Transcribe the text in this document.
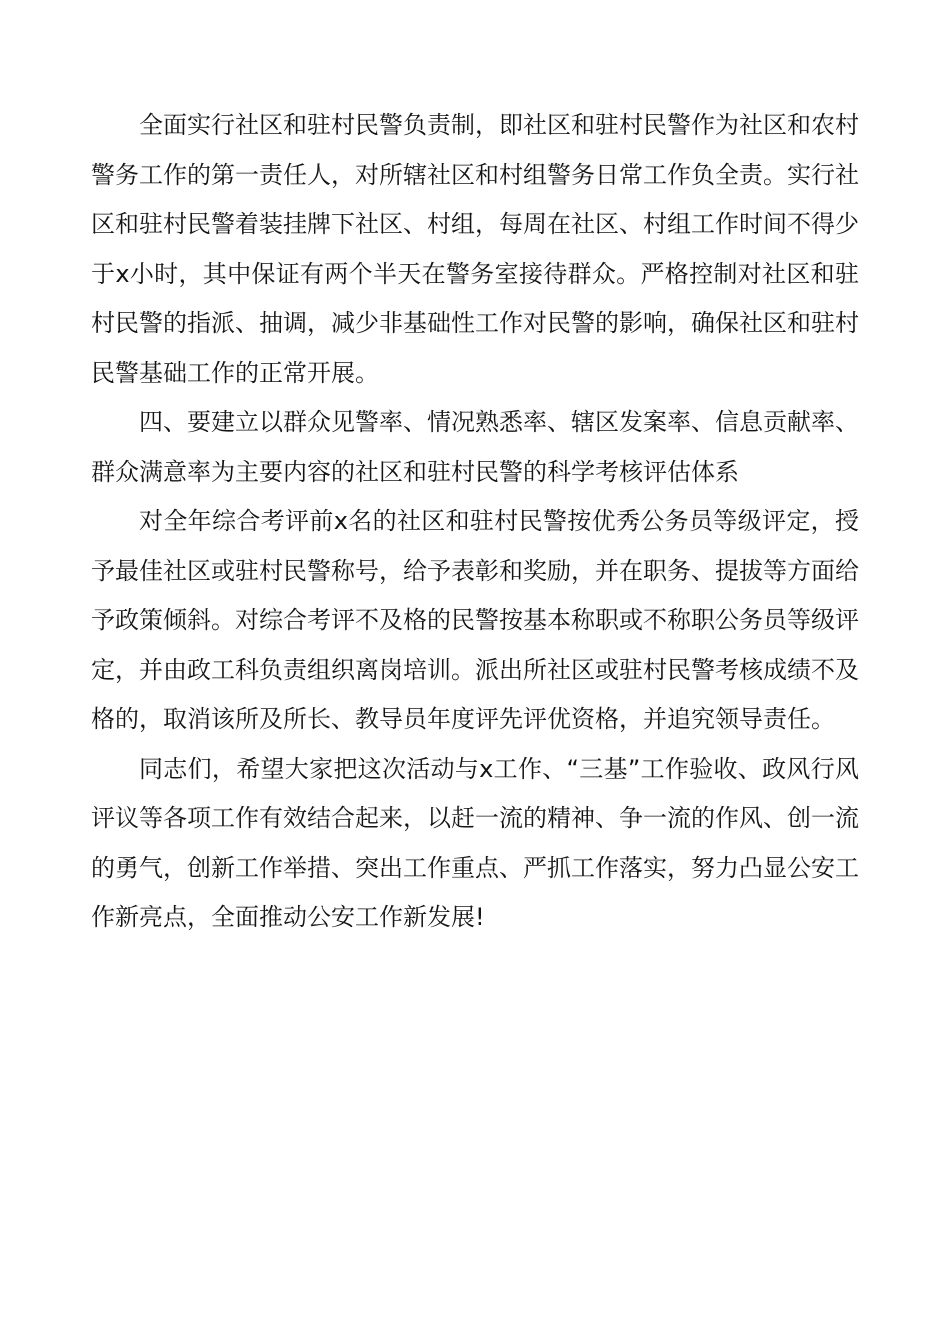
全面实行社区和驻村民警负责制，即社区和驻村民警作为社区和农村警务工作的第一责任人，对所辖社区和村组警务日常工作负全责。实行社区和驻村民警着装挂牌下社区、村组，每周在社区、村组工作时间不得少于x小时，其中保证有两个半天在警务室接待群众。严格控制对社区和驻村民警的指派、抽调，减少非基础性工作对民警的影响，确保社区和驻村民警基础工作的正常开展。

四、要建立以群众见警率、情况熟悉率、辖区发案率、信息贡献率、群众满意率为主要内容的社区和驻村民警的科学考核评估体系

对全年综合考评前x名的社区和驻村民警按优秀公务员等级评定，授予最佳社区或驻村民警称号，给予表彰和奖励，并在职务、提拔等方面给予政策倾斜。对综合考评不及格的民警按基本称职或不称职公务员等级评定，并由政工科负责组织离岗培训。派出所社区或驻村民警考核成绩不及格的，取消该所及所长、教导员年度评先评优资格，并追究领导责任。

同志们，希望大家把这次活动与x工作、“三基”工作验收、政风行风评议等各项工作有效结合起来，以赶一流的精神、争一流的作风、创一流的勇气，创新工作举措、突出工作重点、严抓工作落实，努力凸显公安工作新亮点，全面推动公安工作新发展!
